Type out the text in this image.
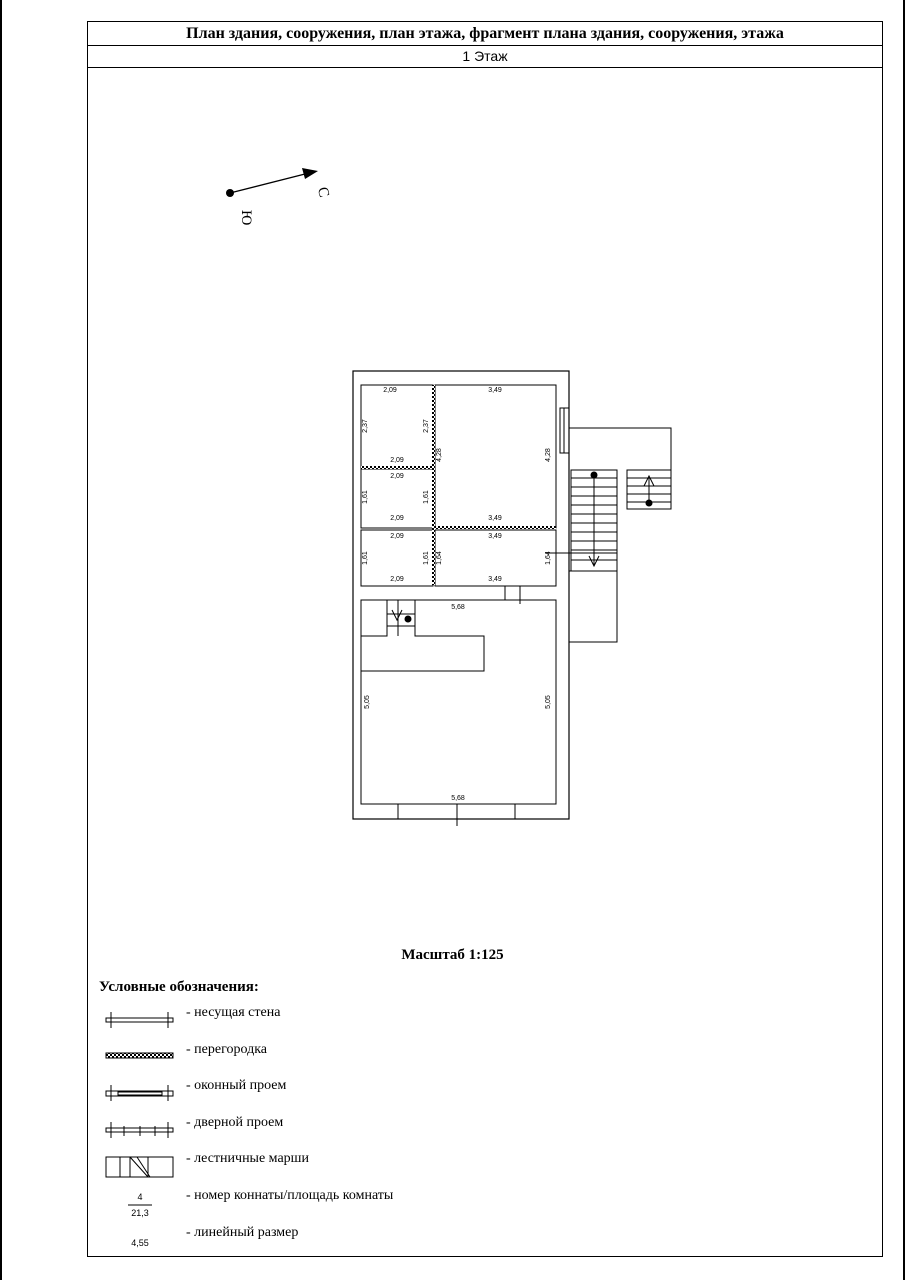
План здания, сооружения, план этажа, фрагмент плана здания, сооружения, этажа
1 Этаж
С
Ю
2,09
2,37	2,37
2,09
3,49
4,28	4,28
3,49
2,09
1,61	1,61
2,09
2,09
1,61	1,61
2,09
3,49
1,64	1,64
3,49
5,68
5,05	5,05
5,68
4
21,3
4,55
Масштаб 1:125
Условные обозначения:
- несущая стена
- перегородка
- оконный проем
- дверной проем
- лестничные марши
- номер коннаты/площадь комнаты
- линейный размер
